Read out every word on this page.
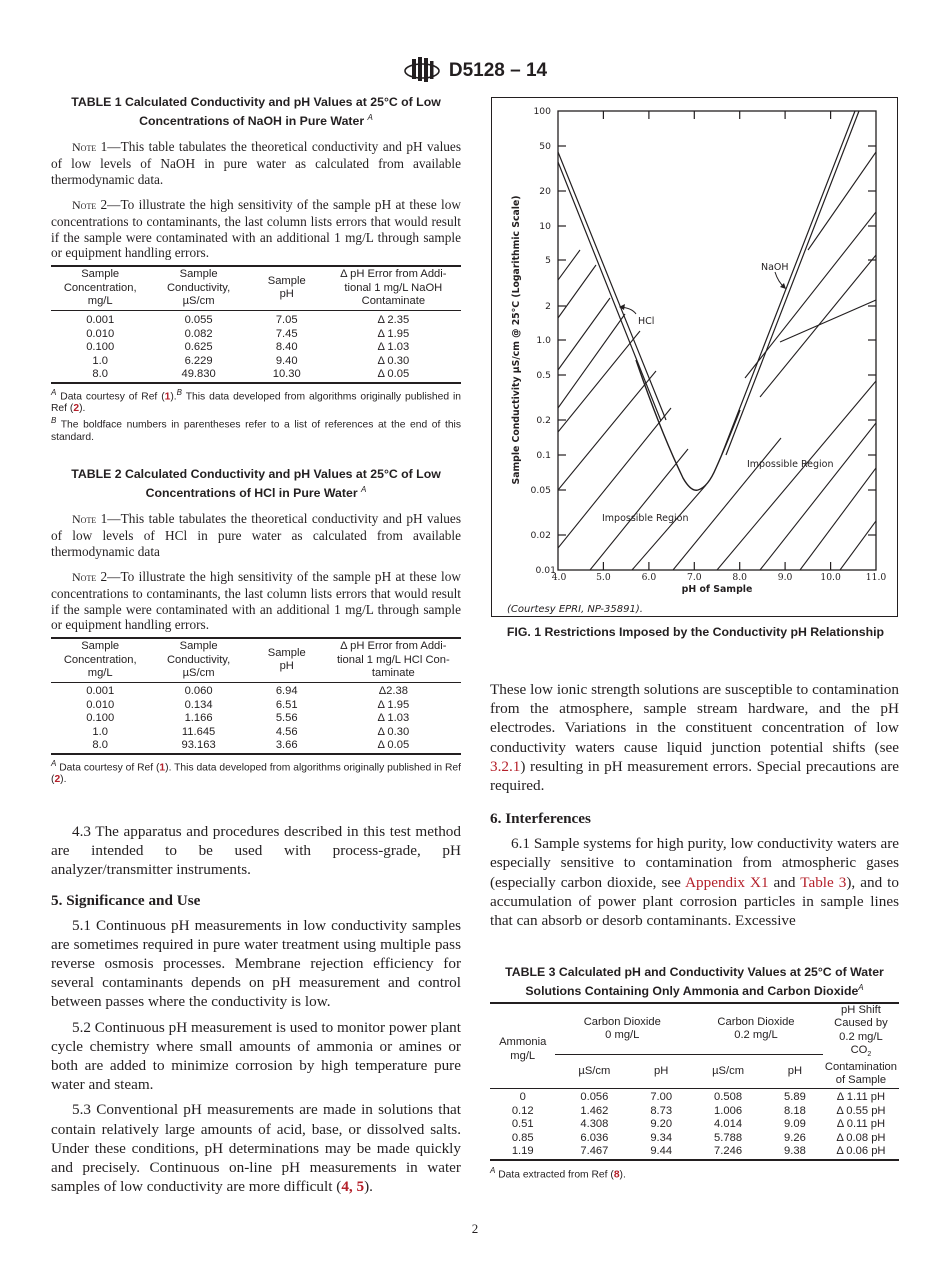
D5128 – 14
TABLE 1 Calculated Conductivity and pH Values at 25°C of Low
Concentrations of NaOH in Pure Water $^A$

Note 1—This table tabulates the theoretical conductivity and pH values of low levels of NaOH in pure water as calculated from available thermodynamic data.

Note 2—To illustrate the high sensitivity of the sample pH at these low concentrations to contaminants, the last column lists errors that would result if the sample were contaminated with an additional 1 mg/L through sample or equipment handling errors.

Sample
Concentration,
mg/L	Sample
Conductivity,
µS/cm	Sample
pH	Δ pH Error from Addi-
tional 1 mg/L NaOH
Contaminate

0.001	0.055	7.05	Δ 2.35
0.010	0.082	7.45	Δ 1.95
0.100	0.625	8.40	Δ 1.03
1.0	6.229	9.40	Δ 0.30
8.0	49.830	10.30	Δ 0.05

$^A$ Data courtesy of Ref (1).$^B$ This data developed from algorithms originally published in Ref (2).

$^B$ The boldface numbers in parentheses refer to a list of references at the end of this standard.

TABLE 2 Calculated Conductivity and pH Values at 25°C of Low
Concentrations of HCl in Pure Water $^A$

Note 1—This table tabulates the theoretical conductivity and pH values of low levels of HCl in pure water as calculated from available thermodynamic data

Note 2—To illustrate the high sensitivity of the sample pH at these low concentrations to contaminants, the last column lists errors that would result if the sample were contaminated with an additional 1 mg/L through sample or equipment handling errors.

Sample
Concentration,
mg/L	Sample
Conductivity,
µS/cm	Sample
pH	Δ pH Error from Addi-
tional 1 mg/L HCl Con-
taminate

0.001	0.060	6.94	Δ2.38
0.010	0.134	6.51	Δ 1.95
0.100	1.166	5.56	Δ 1.03
1.0	11.645	4.56	Δ 0.30
8.0	93.163	3.66	Δ 0.05

$^A$ Data courtesy of Ref (1). This data developed from algorithms originally published in Ref (2).

4.3 The apparatus and procedures described in this test method are intended to be used with process-grade, pH analyzer/transmitter instruments.

5. Significance and Use

5.1 Continuous pH measurements in low conductivity samples are sometimes required in pure water treatment using multiple pass reverse osmosis processes. Membrane rejection efficiency for several contaminants depends on pH measurement and control between passes where the conductivity is low.

5.2 Continuous pH measurement is used to monitor power plant cycle chemistry where small amounts of ammonia or amines or both are added to minimize corrosion by high temperature pure water and steam.

5.3 Conventional pH measurements are made in solutions that contain relatively large amounts of acid, base, or dissolved salts. Under these conditions, pH determinations may be made quickly and precisely. Continuous on-line pH measurements in water samples of low conductivity are more difficult (4, 5).

HCl
NaOH
Impossible Region
Impossible Region
100
50
20
10
5
2
1.0
0.5
0.2
0.1
0.05
0.02
0.01
4.0	5.0	6.0	7.0	8.0	9.0	10.0	11.0
pH of Sample
Sample Conductivity µS/cm @ 25°C (Logarithmic Scale)
(Courtesy EPRI, NP-35891).
FIG. 1 Restrictions Imposed by the Conductivity pH Relationship

These low ionic strength solutions are susceptible to contamination from the atmosphere, sample stream hardware, and the pH electrodes. Variations in the constituent concentration of low conductivity waters cause liquid junction potential shifts (see 3.2.1) resulting in pH measurement errors. Special precautions are required.

6. Interferences

6.1 Sample systems for high purity, low conductivity waters are especially sensitive to contamination from atmospheric gases (especially carbon dioxide, see Appendix X1 and Table 3), and to accumulation of power plant corrosion particles in sample lines that can absorb or desorb contaminants. Excessive

TABLE 3 Calculated pH and Conductivity Values at 25°C of Water
Solutions Containing Only Ammonia and Carbon Dioxide$^A$
Ammonia
mg/L	Carbon Dioxide
0 mg/L	Carbon Dioxide
0.2 mg/L	pH Shift
Caused by
0.2 mg/L
$CO_2$
Contamination
of Sample
	µS/cm	pH	µS/cm	pH	

0	0.056	7.00	0.508	5.89	Δ 1.11 pH
0.12	1.462	8.73	1.006	8.18	Δ 0.55 pH
0.51	4.308	9.20	4.014	9.09	Δ 0.11 pH
0.85	6.036	9.34	5.788	9.26	Δ 0.08 pH
1.19	7.467	9.44	7.246	9.38	Δ 0.06 pH

$^A$ Data extracted from Ref (8).

2
